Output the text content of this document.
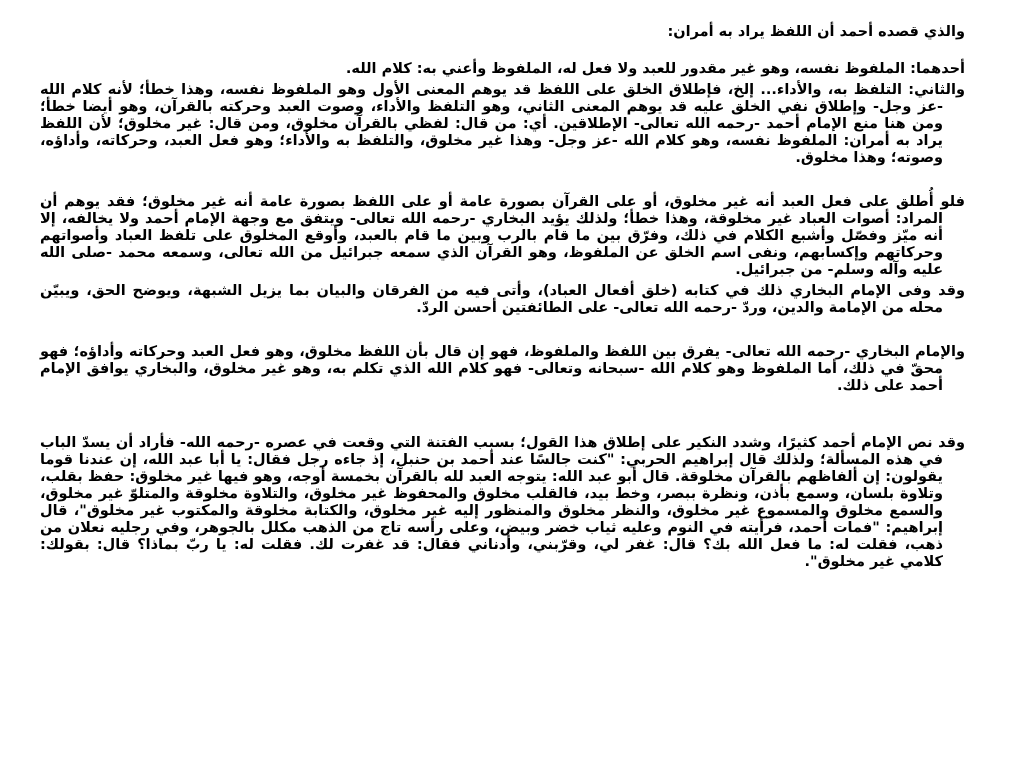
والذي قصده أحمد أن اللفظ يراد به أمران:

أحدهما: الملفوظ نفسه، وهو غير مقدور للعبد ولا فعل له، الملفوظ وأعني به: كلام الله.

والثاني: التلفظ به، والأداء... إلخ، فإطلاق الخلق على اللفظ قد يوهم المعنى الأول وهو الملفوظ نفسه، وهذا خطأ؛ لأنه كلام الله -عز وجل- وإطلاق نفي الخلق عليه قد يوهم المعنى الثاني، وهو التلفظ والأداء، وصوت العبد وحركته بالقرآن، وهو أيضا خطأ؛ ومن هنا منع الإمام أحمد -رحمه الله تعالى- الإطلاقين. أي: من قال: لفظي بالقرآن مخلوق، ومن قال: غير مخلوق؛ لأن اللفظ يراد به أمران: الملفوظ نفسه، وهو كلام الله -عز وجل- وهذا غير مخلوق، والتلفظ به والأداء؛ وهو فعل العبد، وحركاته، وأداؤه، وصوته؛ وهذا مخلوق.

فلو أُطلق على فعل العبد أنه غير مخلوق، أو على القرآن بصورة عامة أو على اللفظ بصورة عامة أنه غير مخلوق؛ فقد يوهم أن المراد: أصوات العباد غير مخلوقة، وهذا خطأ؛ ولذلك يؤيد البخاري -رحمه الله تعالى- ويتفق مع وجهة الإمام أحمد ولا يخالفه، إلا أنه ميّز وفصّل وأشبع الكلام في ذلك، وفرّق بين ما قام بالرب وبين ما قام بالعبد، وأوقع المخلوق على تلفظ العباد وأصواتهم وحركاتهم وإكسابهم، ونفى اسم الخلق عن الملفوظ، وهو القرآن الذي سمعه جبرائيل من الله تعالى، وسمعه محمد -صلى الله عليه وآله وسلم- من جبرائيل.

وقد وفى الإمام البخاري ذلك في كتابه (خلق أفعال العباد)، وأتى فيه من الفرقان والبيان بما يزيل الشبهة، ويوضح الحق، ويبيّن محله من الإمامة والدين، وردّ -رحمه الله تعالى- على الطائفتين أحسن الردّ.

والإمام البخاري -رحمه الله تعالى- يفرق بين اللفظ والملفوظ، فهو إن قال بأن اللفظ مخلوق، وهو فعل العبد وحركاته وأداؤه؛ فهو محقّ في ذلك، أما الملفوظ وهو كلام الله -سبحانه وتعالى- فهو كلام الله الذي تكلم به، وهو غير مخلوق، والبخاري يوافق الإمام أحمد على ذلك.

وقد نص الإمام أحمد كثيرًا، وشدد النكير على إطلاق هذا القول؛ بسبب الفتنة التي وقعت في عصره -رحمه الله- فأراد أن يسدّ الباب في هذه المسألة؛ ولذلك قال إبراهيم الحربي: "كنت جالسًا عند أحمد بن حنبل، إذ جاءه رجل فقال: يا أبا عبد الله، إن عندنا قوما يقولون: إن ألفاظهم بالقرآن مخلوقة. قال أبو عبد الله: يتوجه العبد لله بالقرآن بخمسة أوجه، وهو فيها غير مخلوق: حفظ بقلب، وتلاوة بلسان، وسمع بأذن، ونظرة ببصر، وخط بيد، فالقلب مخلوق والمحفوظ غير مخلوق، والتلاوة مخلوقة والمتلوّ غير مخلوق، والسمع مخلوق والمسموع غير مخلوق، والنظر مخلوق والمنظور إليه غير مخلوق، والكتابة مخلوقة والمكتوب غير مخلوق"، قال إبراهيم: "فمات أحمد، فرأيته في النوم وعليه ثياب خضر وبيض، وعلى رأسه تاج من الذهب مكلل بالجوهر، وفي رجليه نعلان من ذهب، فقلت له: ما فعل الله بك؟ قال: غفر لي، وقرّبني، وأدناني فقال: قد غفرت لك. فقلت له: يا ربّ بماذا؟ قال: بقولك: كلامي غير مخلوق".
